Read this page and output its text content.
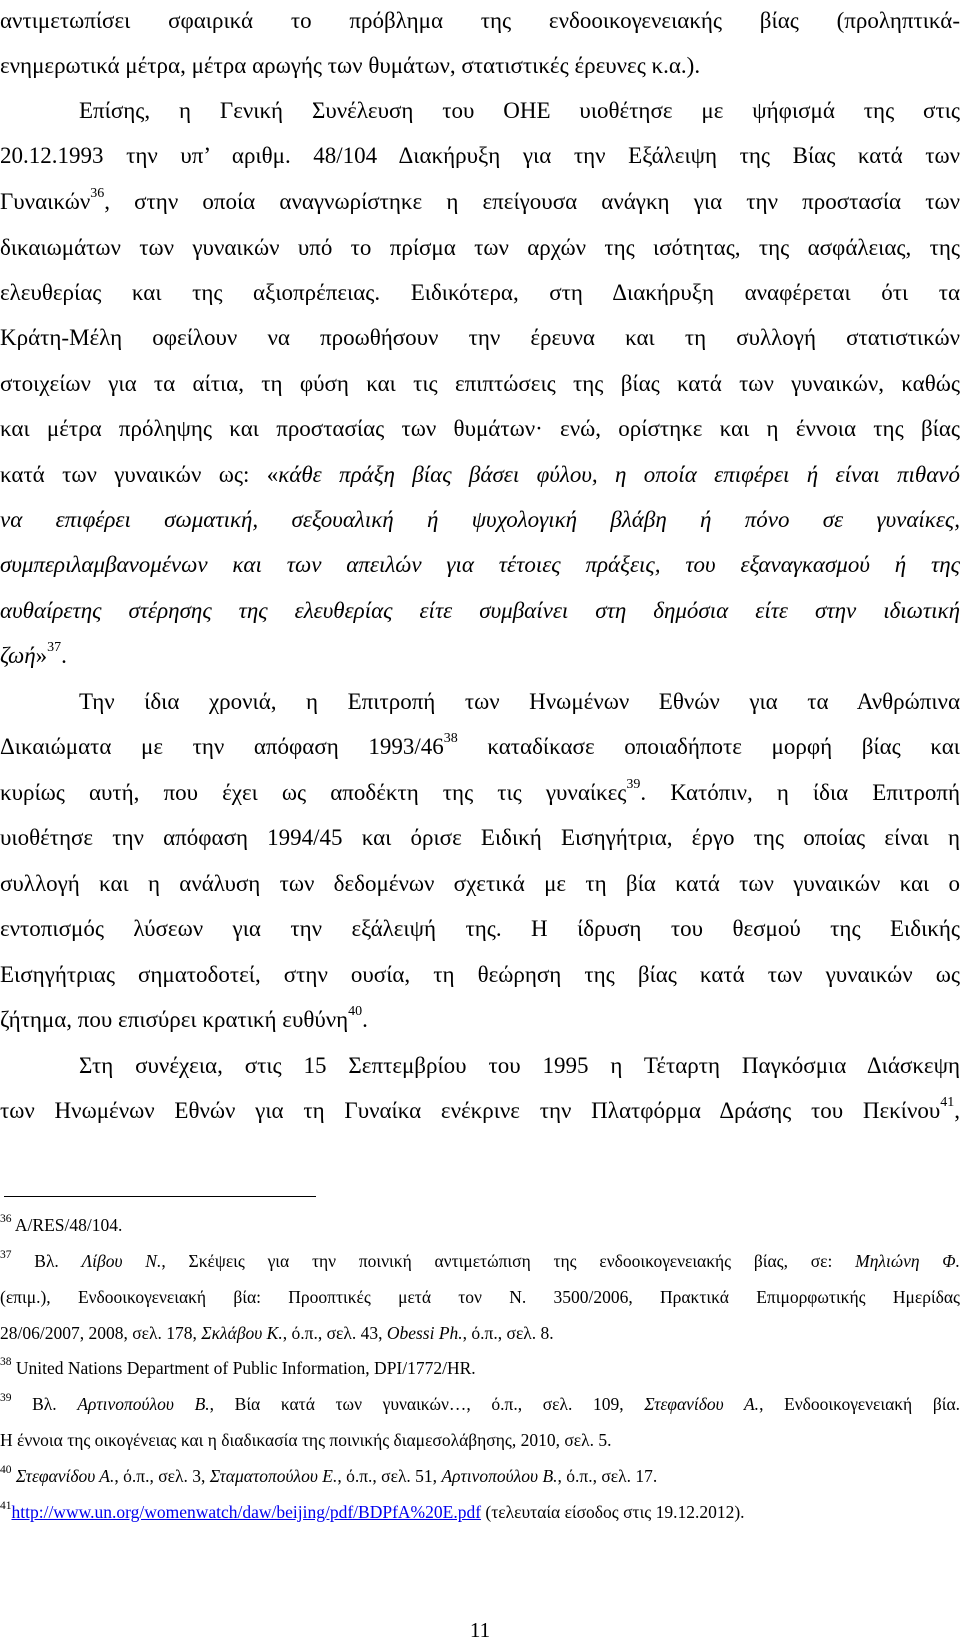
αντιμετωπίσει σφαιρικά το πρόβλημα της ενδοοικογενειακής βίας (προληπτικά-

ενημερωτικά μέτρα, μέτρα αρωγής των θυμάτων, στατιστικές έρευνες κ.α.).

Επίσης, η Γενική Συνέλευση του ΟΗΕ υιοθέτησε με ψήφισμά της στις

20.12.1993 την υπ’ αριθμ. 48/104 Διακήρυξη για την Εξάλειψη της Βίας κατά των

Γυναικών$^{36}$, στην οποία αναγνωρίστηκε η επείγουσα ανάγκη για την προστασία των

δικαιωμάτων των γυναικών υπό το πρίσμα των αρχών της ισότητας, της ασφάλειας, της

ελευθερίας και της αξιοπρέπειας. Ειδικότερα, στη Διακήρυξη αναφέρεται ότι τα

Κράτη-Μέλη οφείλουν να προωθήσουν την έρευνα και τη συλλογή στατιστικών

στοιχείων για τα αίτια, τη φύση και τις επιπτώσεις της βίας κατά των γυναικών, καθώς

και μέτρα πρόληψης και προστασίας των θυμάτων· ενώ, ορίστηκε και η έννοια της βίας

κατά των γυναικών ως: «κάθε πράξη βίας βάσει φύλου, η οποία επιφέρει ή είναι πιθανό

να επιφέρει σωματική, σεξουαλική ή ψυχολογική βλάβη ή πόνο σε γυναίκες,

συμπεριλαμβανομένων και των απειλών για τέτοιες πράξεις, του εξαναγκασμού ή της

αυθαίρετης στέρησης της ελευθερίας είτε συμβαίνει στη δημόσια είτε στην ιδιωτική

ζωή»$^{37}$.

Την ίδια χρονιά, η Επιτροπή των Ηνωμένων Εθνών για τα Ανθρώπινα

Δικαιώματα με την απόφαση $1993/46^{38}$ καταδίκασε οποιαδήποτε μορφή βίας και

κυρίως αυτή, που έχει ως αποδέκτη της τις γυναίκες$^{39}$. Κατόπιν, η ίδια Επιτροπή

υιοθέτησε την απόφαση 1994/45 και όρισε Ειδική Εισηγήτρια, έργο της οποίας είναι η

συλλογή και η ανάλυση των δεδομένων σχετικά με τη βία κατά των γυναικών και ο

εντοπισμός λύσεων για την εξάλειψή της. Η ίδρυση του θεσμού της Ειδικής

Εισηγήτριας σηματοδοτεί, στην ουσία, τη θεώρηση της βίας κατά των γυναικών ως

ζήτημα, που επισύρει κρατική ευθύνη$^{40}$.

Στη συνέχεια, στις 15 Σεπτεμβρίου του 1995 η Τέταρτη Παγκόσμια Διάσκεψη

των Ηνωμένων Εθνών για τη Γυναίκα ενέκρινε την Πλατφόρμα Δράσης του Πεκίνου$^{41}$,

$^{36}$ A/RES/48/104.

$^{37}$ Βλ. Λίβου Ν., Σκέψεις για την ποινική αντιμετώπιση της ενδοοικογενειακής βίας, σε: Μηλιώνη Φ.

(επιμ.), Ενδοοικογενειακή βία: Προοπτικές μετά τον Ν. 3500/2006, Πρακτικά Επιμορφωτικής Ημερίδας

28/06/2007, 2008, σελ. 178, Σκλάβου Κ., ό.π., σελ. 43, Obessi Ph., ό.π., σελ. 8.

$^{38}$ United Nations Department of Public Information, DPI/1772/HR.

$^{39}$ Βλ. Αρτινοπούλου Β., Βία κατά των γυναικών…, ό.π., σελ. 109, Στεφανίδου Α., Ενδοοικογενειακή βία.

Η έννοια της οικογένειας και η διαδικασία της ποινικής διαμεσολάβησης, 2010, σελ. 5.

$^{40}$ Στεφανίδου Α., ό.π., σελ. 3, Σταματοπούλου Ε., ό.π., σελ. 51, Αρτινοπούλου Β., ό.π., σελ. 17.

$^{41}$http://www.un.org/womenwatch/daw/beijing/pdf/BDPfA%20E.pdf (τελευταία είσοδος στις 19.12.2012).

11
